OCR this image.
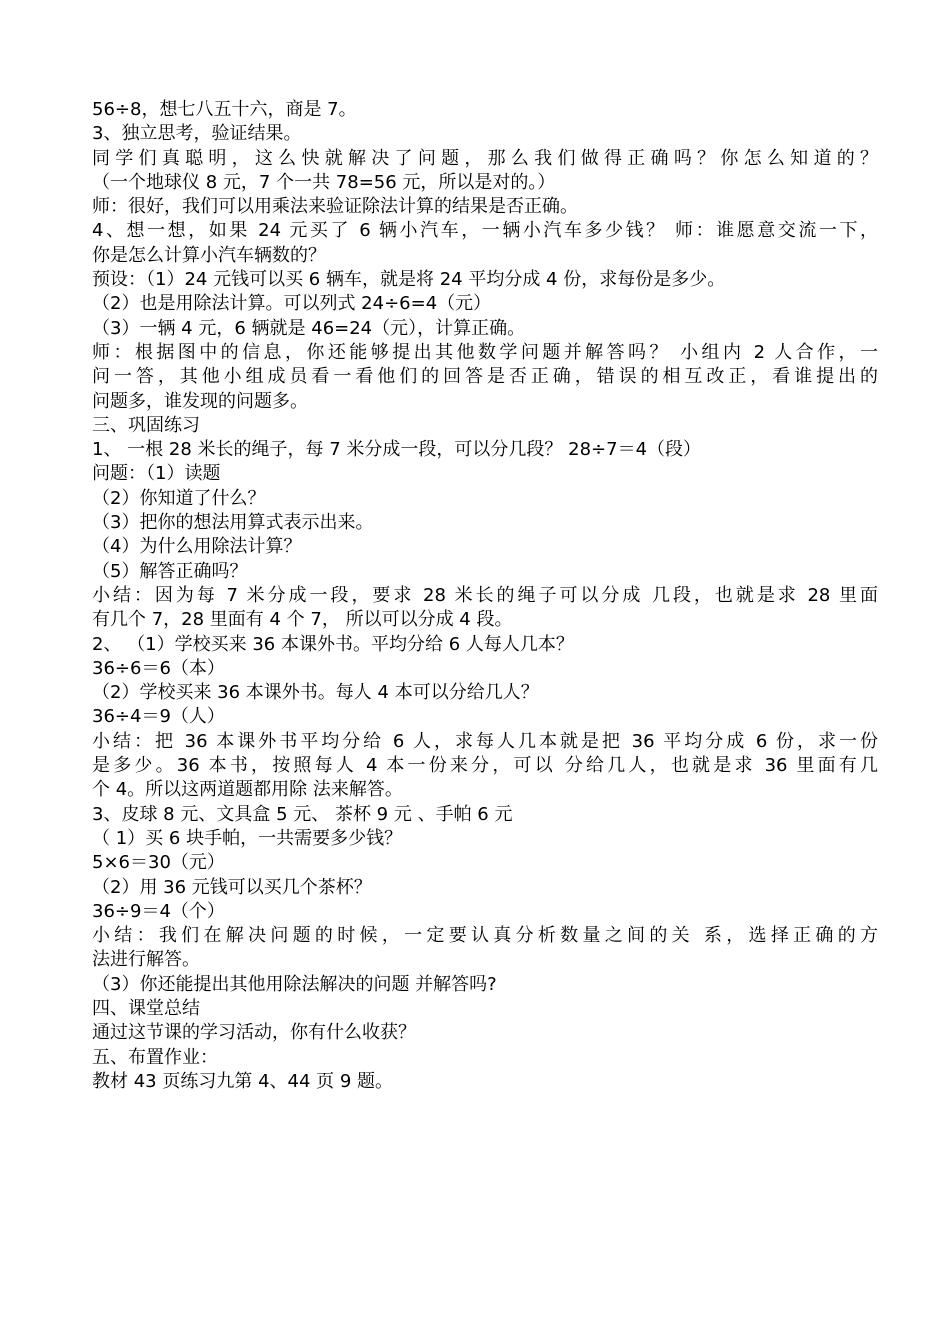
56÷8，想七八五十六，商是 7。

3、独立思考，验证结果。

同学们真聪明，这么快就解决了问题，那么我们做得正确吗？你怎么知道的？

（一个地球仪 8 元，7 个一共 78=56 元，所以是对的。）

师：很好，我们可以用乘法来验证除法计算的结果是否正确。

4、想一想，如果 24 元买了 6 辆小汽车，一辆小汽车多少钱？ 师：谁愿意交流一下，

你是怎么计算小汽车辆数的？

预设：（1）24 元钱可以买 6 辆车，就是将 24 平均分成 4 份，求每份是多少。

（2）也是用除法计算。可以列式 24÷6=4（元）

（3）一辆 4 元，6 辆就是 46=24（元），计算正确。

师：根据图中的信息，你还能够提出其他数学问题并解答吗？ 小组内 2 人合作，一

问一答，其他小组成员看一看他们的回答是否正确，错误的相互改正，看谁提出的

问题多，谁发现的问题多。

三、巩固练习

1、 一根 28 米长的绳子，每 7 米分成一段，可以分几段？ 28÷7＝4（段）

问题：（1）读题

（2）你知道了什么？

（3）把你的想法用算式表示出来。

（4）为什么用除法计算？

（5）解答正确吗？

小结：因为每 7 米分成一段，要求 28 米长的绳子可以分成 几段，也就是求 28 里面

有几个 7，28 里面有 4 个 7， 所以可以分成 4 段。

2、 （1）学校买来 36 本课外书。平均分给 6 人每人几本？

36÷6＝6（本）

（2）学校买来 36 本课外书。每人 4 本可以分给几人？

36÷4＝9（人）

小结：把 36 本课外书平均分给 6 人，求每人几本就是把 36 平均分成 6 份，求一份

是多少。36 本书，按照每人 4 本一份来分，可以 分给几人，也就是求 36 里面有几

个 4。所以这两道题都用除 法来解答。

3、皮球 8 元、文具盒 5 元、 茶杯 9 元 、手帕 6 元

（ 1）买 6 块手帕，一共需要多少钱？

5×6＝30（元）

（2）用 36 元钱可以买几个茶杯？

36÷9＝4（个）

小结：我们在解决问题的时候，一定要认真分析数量之间的关 系，选择正确的方

法进行解答。

（3）你还能提出其他用除法解决的问题 并解答吗?

四、课堂总结

通过这节课的学习活动，你有什么收获？

五、布置作业：

教材 43 页练习九第 4、44 页 9 题。
